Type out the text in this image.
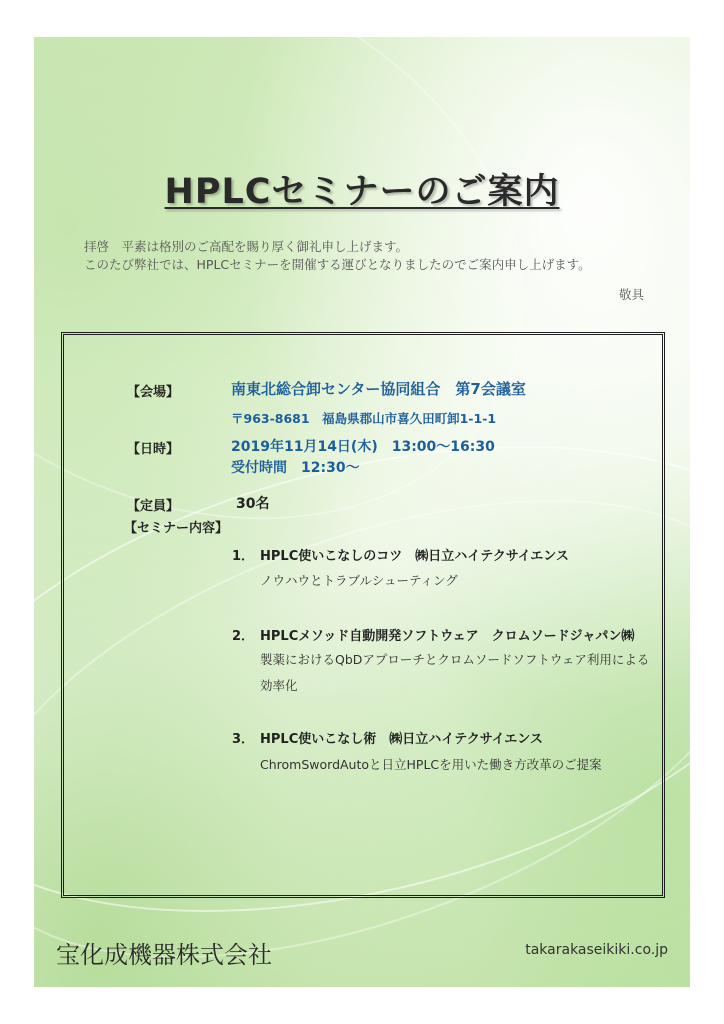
HPLCセミナーのご案内
拝啓　平素は格別のご高配を賜り厚く御礼申し上げます。
このたび弊社では、HPLCセミナーを開催する運びとなりましたのでご案内申し上げます。
敬具
【会場】	南東北総合卸センター協同組合　第7会議室
〒963-8681　福島県郡山市喜久田町卸1-1-1
【日時】	2019年11月14日(木)　13:00～16:30
受付時間　12:30～
【定員】	30名
【セミナー内容】
1． HPLC使いこなしのコツ　㈱日立ハイテクサイエンス
ノウハウとトラブルシューティング
2． HPLCメソッド自動開発ソフトウェア　クロムソードジャパン㈱
製薬におけるQbDアプローチとクロムソードソフトウェア利用による
効率化
3． HPLC使いこなし術　㈱日立ハイテクサイエンス
ChromSwordAutoと日立HPLCを用いた働き方改革のご提案
宝化成機器株式会社	takarakaseikiki.co.jp
